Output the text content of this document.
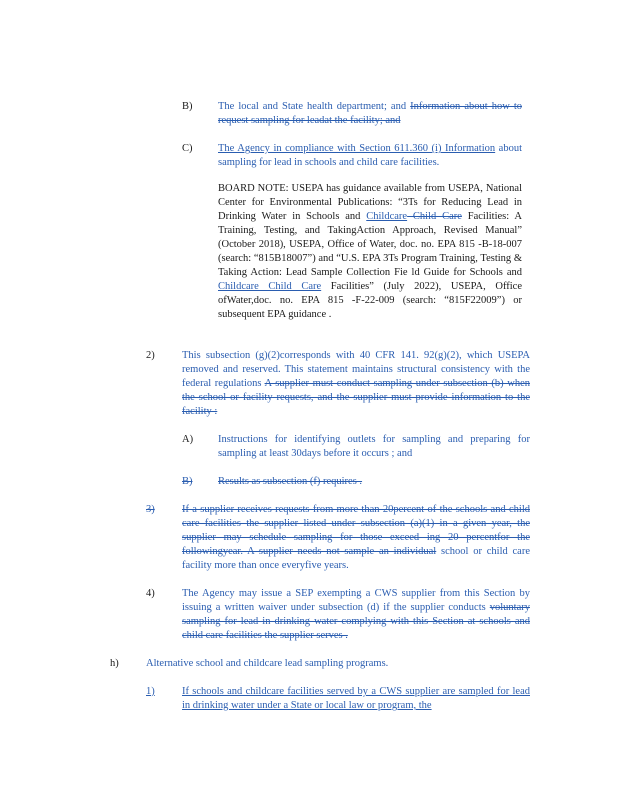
B) The local and State health department; and Information about how to request sampling for leadat the facility; and
C) The Agency in compliance with Section 611.360 (i) Information about sampling for lead in schools and child care facilities.
BOARD NOTE: USEPA has guidance available from USEPA, National Center for Environmental Publications: “3Ts for Reducing Lead in Drinking Water in Schools and Childcare Child Care Facilities: A Training, Testing, and TakingAction Approach, Revised Manual” (October 2018), USEPA, Office of Water, doc. no. EPA 815 -B-18-007 (search: “815B18007”) and “U.S. EPA 3Ts Program Training, Testing & Taking Action: Lead Sample Collection Fie ld Guide for Schools and Childcare Child Care Facilities” (July 2022), USEPA, Office ofWater,doc. no. EPA 815 -F-22-009 (search: “815F22009”) or subsequent EPA guidance .
2)	This subsection (g)(2)corresponds with 40 CFR 141. 92(g)(2), which USEPA removed and reserved. This statement maintains structural consistency with the federal regulations A supplier must conduct sampling under subsection (b) when the school or facility requests, and the supplier must provide information to the facility :
A) Instructions for identifying outlets for sampling and preparing for sampling at least 30days before it occurs ; and
B) Results as subsection (f) requires .
3)	If a supplier receives requests from more than 20percent of the schools and child care facilities the supplier listed under subsection (a)(1) in a given year, the supplier may schedule sampling for those exceed ing 20 percentfor the followingyear. A supplier needs not sample an individual school or child care facility more than once everyfive years.
4)	The Agency may issue a SEP exempting a CWS supplier from this Section by issuing a written waiver under subsection (d) if the supplier conducts voluntary sampling for lead in drinking water complying with this Section at schools and child care facilities the supplier serves .
h)	Alternative school and childcare lead sampling programs.
1)	If schools and childcare facilities served by a CWS supplier are sampled for lead in drinking water under a State or local law or program, the
